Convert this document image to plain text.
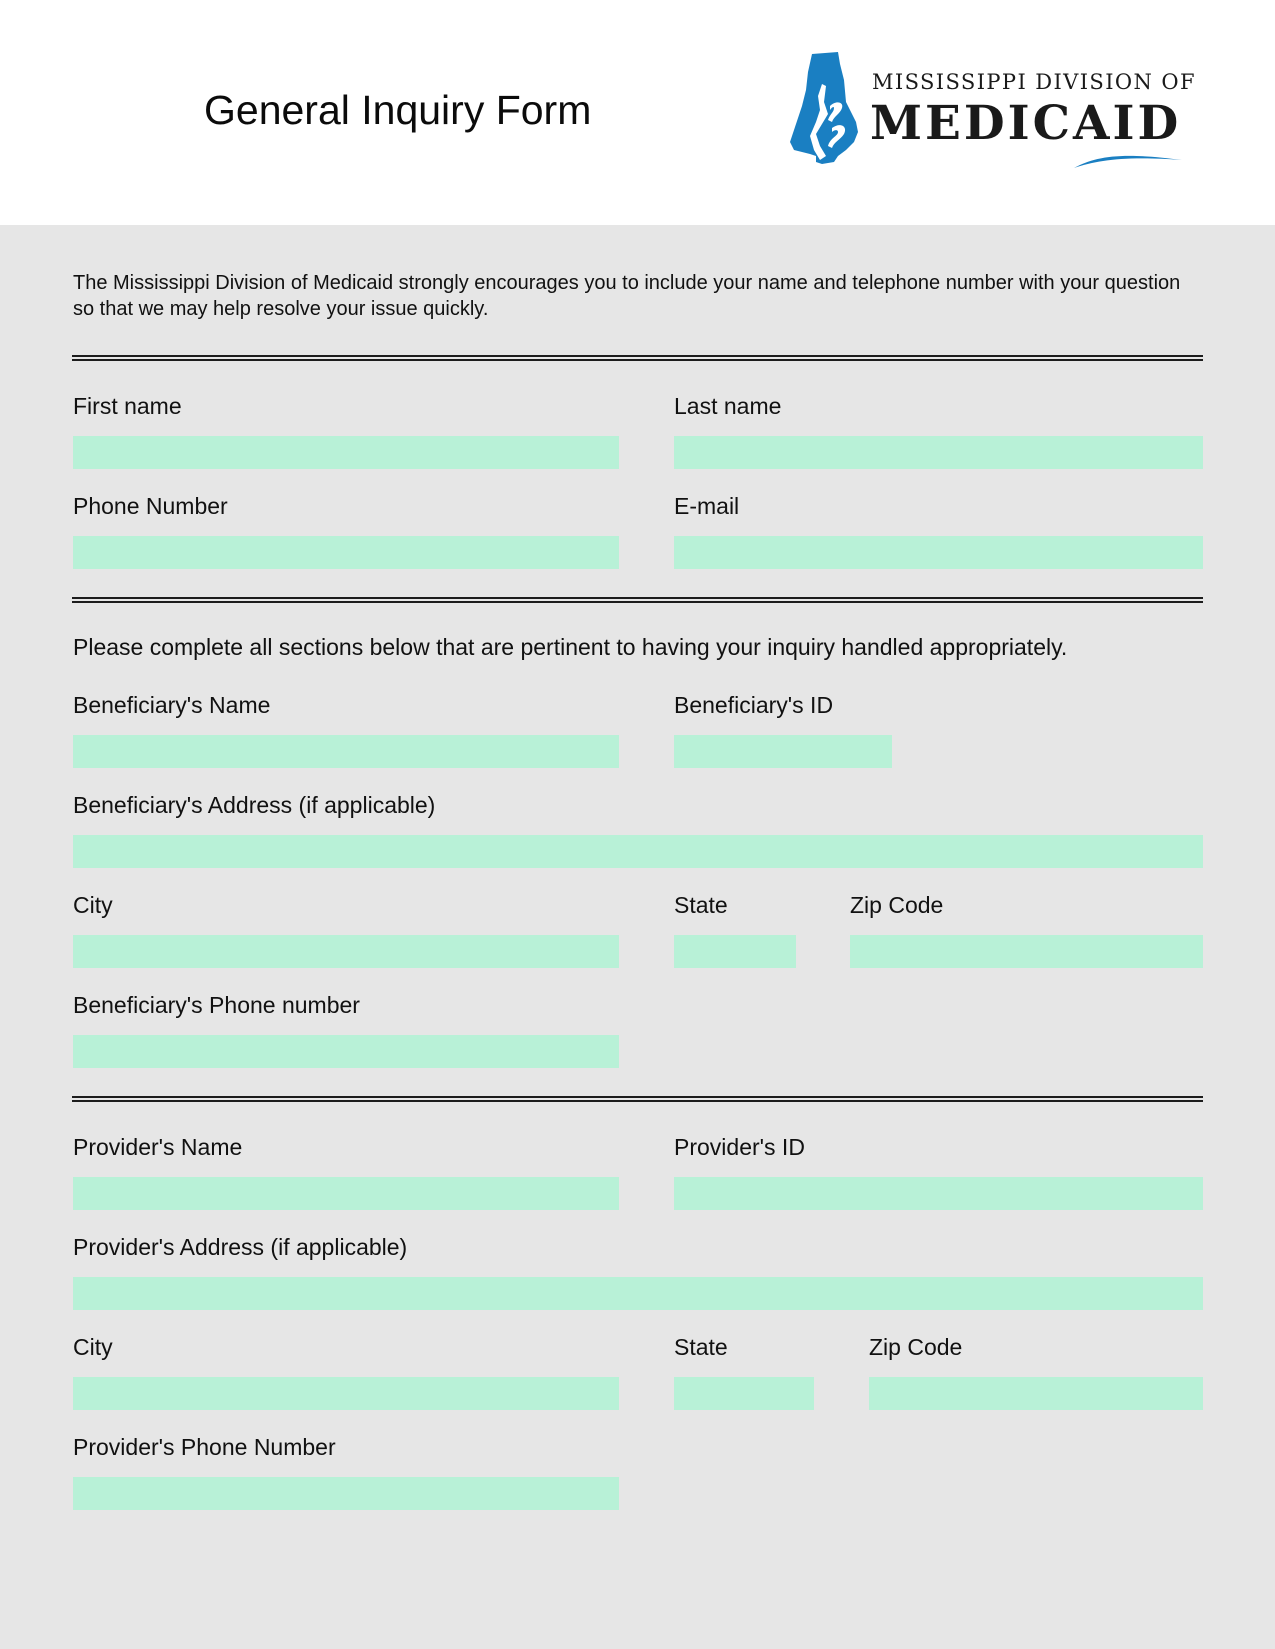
General Inquiry Form
MISSISSIPPI DIVISION OF
MEDICAID
The Mississippi Division of Medicaid strongly encourages you to include your name and telephone number with your question so that we may help resolve your issue quickly.
First name	Last name
Phone Number	E-mail
Please complete all sections below that are pertinent to having your inquiry handled appropriately.
Beneficiary's Name	Beneficiary's ID
Beneficiary's Address (if applicable)
City	State	Zip Code
Beneficiary's Phone number
Provider's Name	Provider's ID
Provider's Address (if applicable)
City	State	Zip Code
Provider's Phone Number
